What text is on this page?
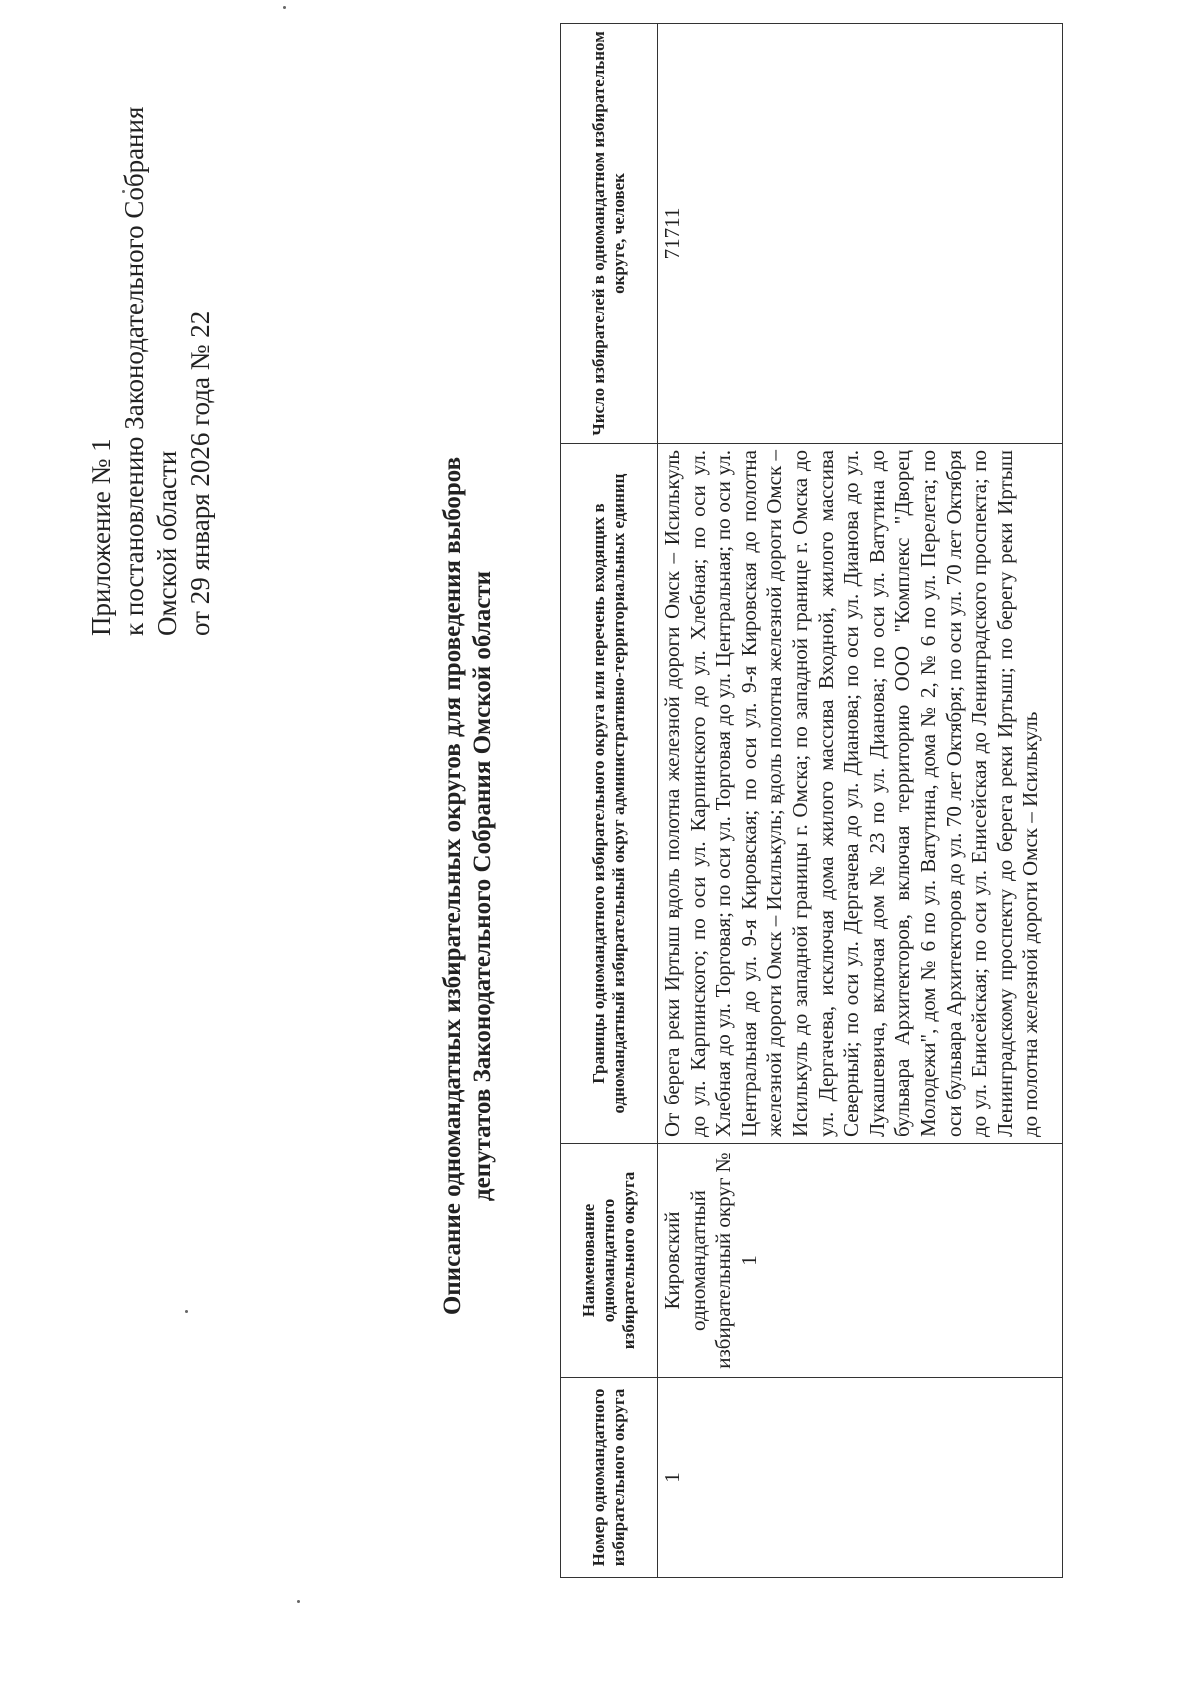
Приложение № 1 к постановлению Законодательного Собрания Омской области от 29 января 2026 года № 22	Описание одномандатных избирательных округов для проведения выборов депутатов Законодательного Собрания Омской области
Номер одномандатного избирательного округа	Наименование одномандатного избирательного округа	Границы одномандатного избирательного округа или перечень входящих в одномандатный избирательный округ административно-территориальных единиц	Число избирателей в одномандатном избирательном округе, человек
1	Кировский одномандатный избирательный округ № 1	От берега реки Иртыш вдоль полотна железной дороги Омск – Исилькуль до ул. Карпинского; по оси ул. Карпинского до ул. Хлебная; по оси ул. Хлебная до ул. Торговая; по оси ул. Торговая до ул. Центральная; по оси ул. Центральная до ул. 9-я Кировская; по оси ул. 9-я Кировская до полотна железной дороги Омск – Исилькуль; вдоль полотна железной дороги Омск – Исилькуль до западной границы г. Омска; по западной границе г. Омска до ул. Дергачева, исключая дома жилого массива Входной, жилого массива Северный; по оси ул. Дергачева до ул. Дианова; по оси ул. Дианова до ул. Лукашевича, включая дом № 23 по ул. Дианова; по оси ул. Ватутина до бульвара Архитекторов, включая территорию ООО "Комплекс "Дворец Молодежи", дом № 6 по ул. Ватутина, дома № 2, № 6 по ул. Перелета; по оси бульвара Архитекторов до ул. 70 лет Октября; по оси ул. 70 лет Октября до ул. Енисейская; по оси ул. Енисейская до Ленинградского проспекта; по Ленинградскому проспекту до берега реки Иртыш; по берегу реки Иртыш до полотна железной дороги Омск – Исилькуль	71711
